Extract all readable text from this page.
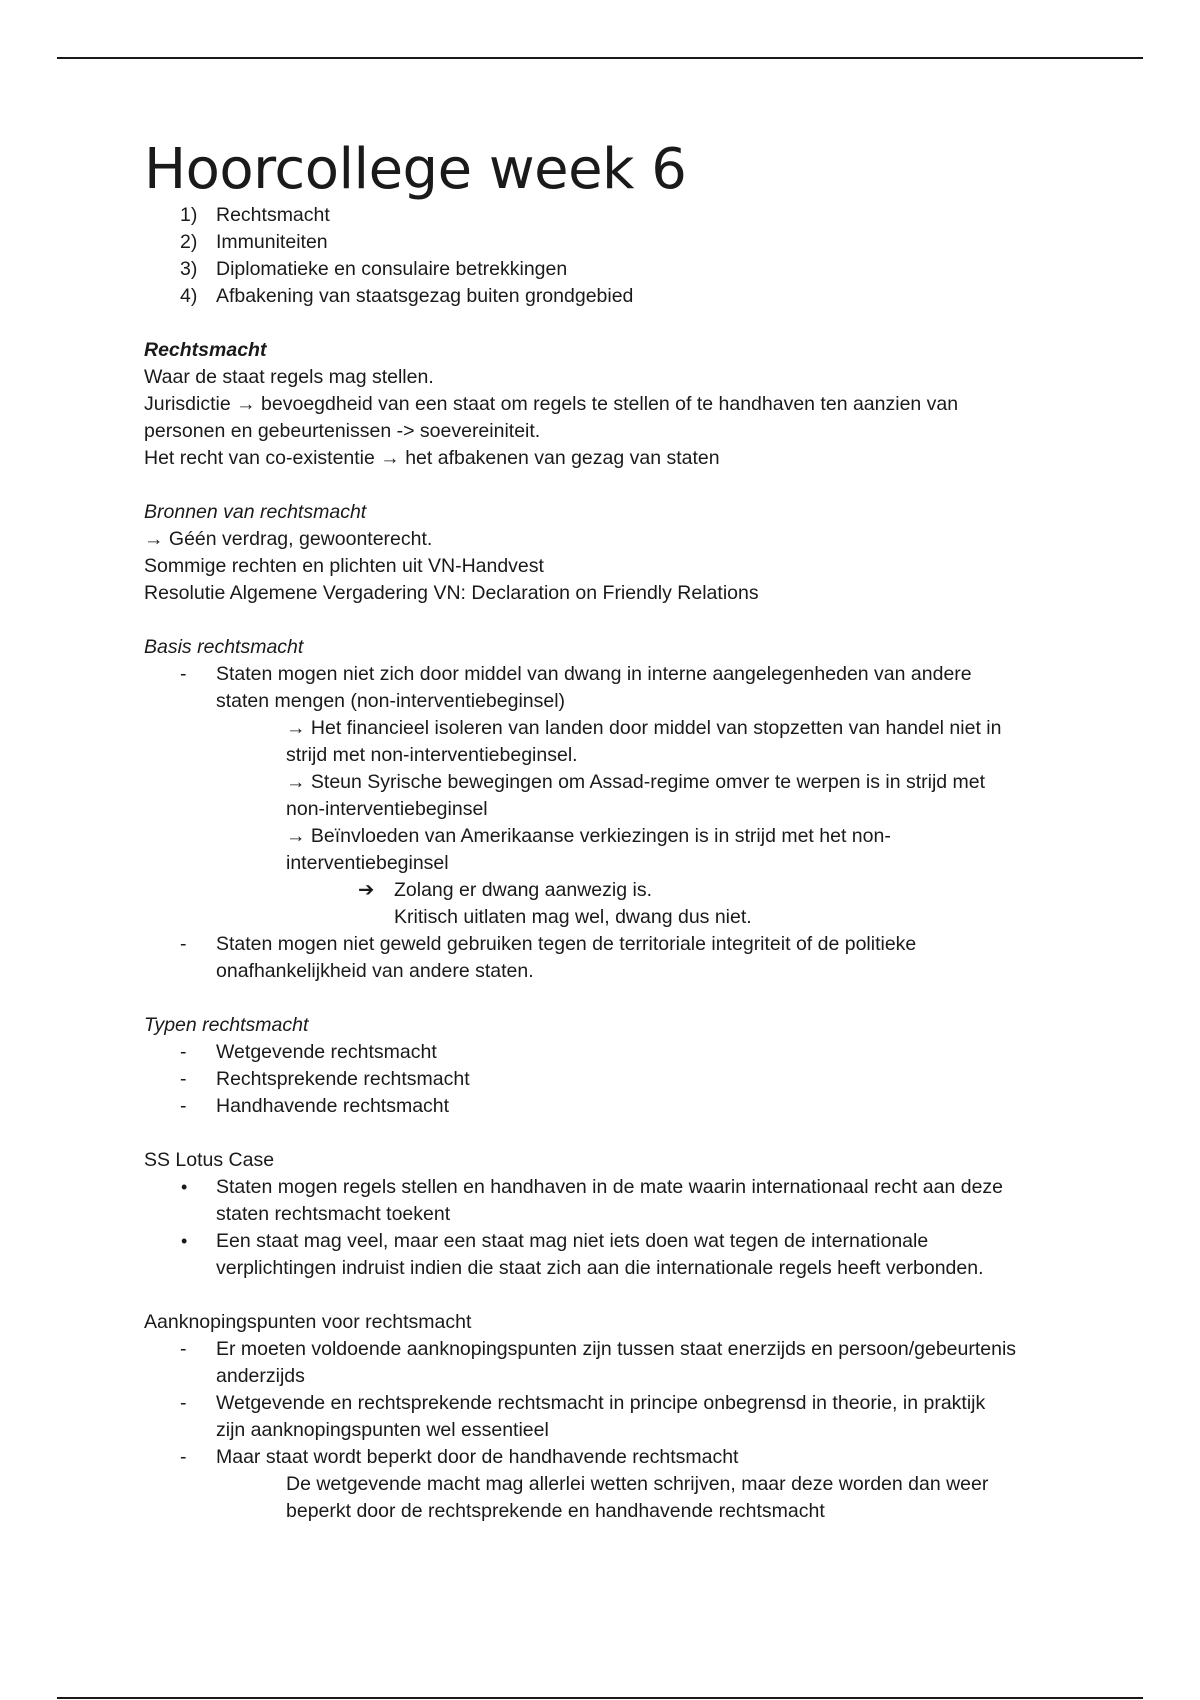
Hoorcollege week 6

1) Rechtsmacht

2) Immuniteiten

3) Diplomatieke en consulaire betrekkingen

4) Afbakening van staatsgezag buiten grondgebied

Rechtsmacht

Waar de staat regels mag stellen.

Jurisdictie → bevoegdheid van een staat om regels te stellen of te handhaven ten aanzien van

personen en gebeurtenissen -> soevereiniteit.

Het recht van co-existentie → het afbakenen van gezag van staten

Bronnen van rechtsmacht

→ Géén verdrag, gewoonterecht.

Sommige rechten en plichten uit VN-Handvest

Resolutie Algemene Vergadering VN: Declaration on Friendly Relations

Basis rechtsmacht

- Staten mogen niet zich door middel van dwang in interne aangelegenheden van andere

staten mengen (non-interventiebeginsel)

→ Het financieel isoleren van landen door middel van stopzetten van handel niet in

strijd met non-interventiebeginsel.

→ Steun Syrische bewegingen om Assad-regime omver te werpen is in strijd met

non-interventiebeginsel

→ Beïnvloeden van Amerikaanse verkiezingen is in strijd met het non-

interventiebeginsel

➔ Zolang er dwang aanwezig is.

Kritisch uitlaten mag wel, dwang dus niet.

- Staten mogen niet geweld gebruiken tegen de territoriale integriteit of de politieke

onafhankelijkheid van andere staten.

Typen rechtsmacht

- Wetgevende rechtsmacht

- Rechtsprekende rechtsmacht

- Handhavende rechtsmacht

SS Lotus Case

• Staten mogen regels stellen en handhaven in de mate waarin internationaal recht aan deze

staten rechtsmacht toekent

• Een staat mag veel, maar een staat mag niet iets doen wat tegen de internationale

verplichtingen indruist indien die staat zich aan die internationale regels heeft verbonden.

Aanknopingspunten voor rechtsmacht

- Er moeten voldoende aanknopingspunten zijn tussen staat enerzijds en persoon/gebeurtenis

anderzijds

- Wetgevende en rechtsprekende rechtsmacht in principe onbegrensd in theorie, in praktijk

zijn aanknopingspunten wel essentieel

- Maar staat wordt beperkt door de handhavende rechtsmacht

De wetgevende macht mag allerlei wetten schrijven, maar deze worden dan weer

beperkt door de rechtsprekende en handhavende rechtsmacht
